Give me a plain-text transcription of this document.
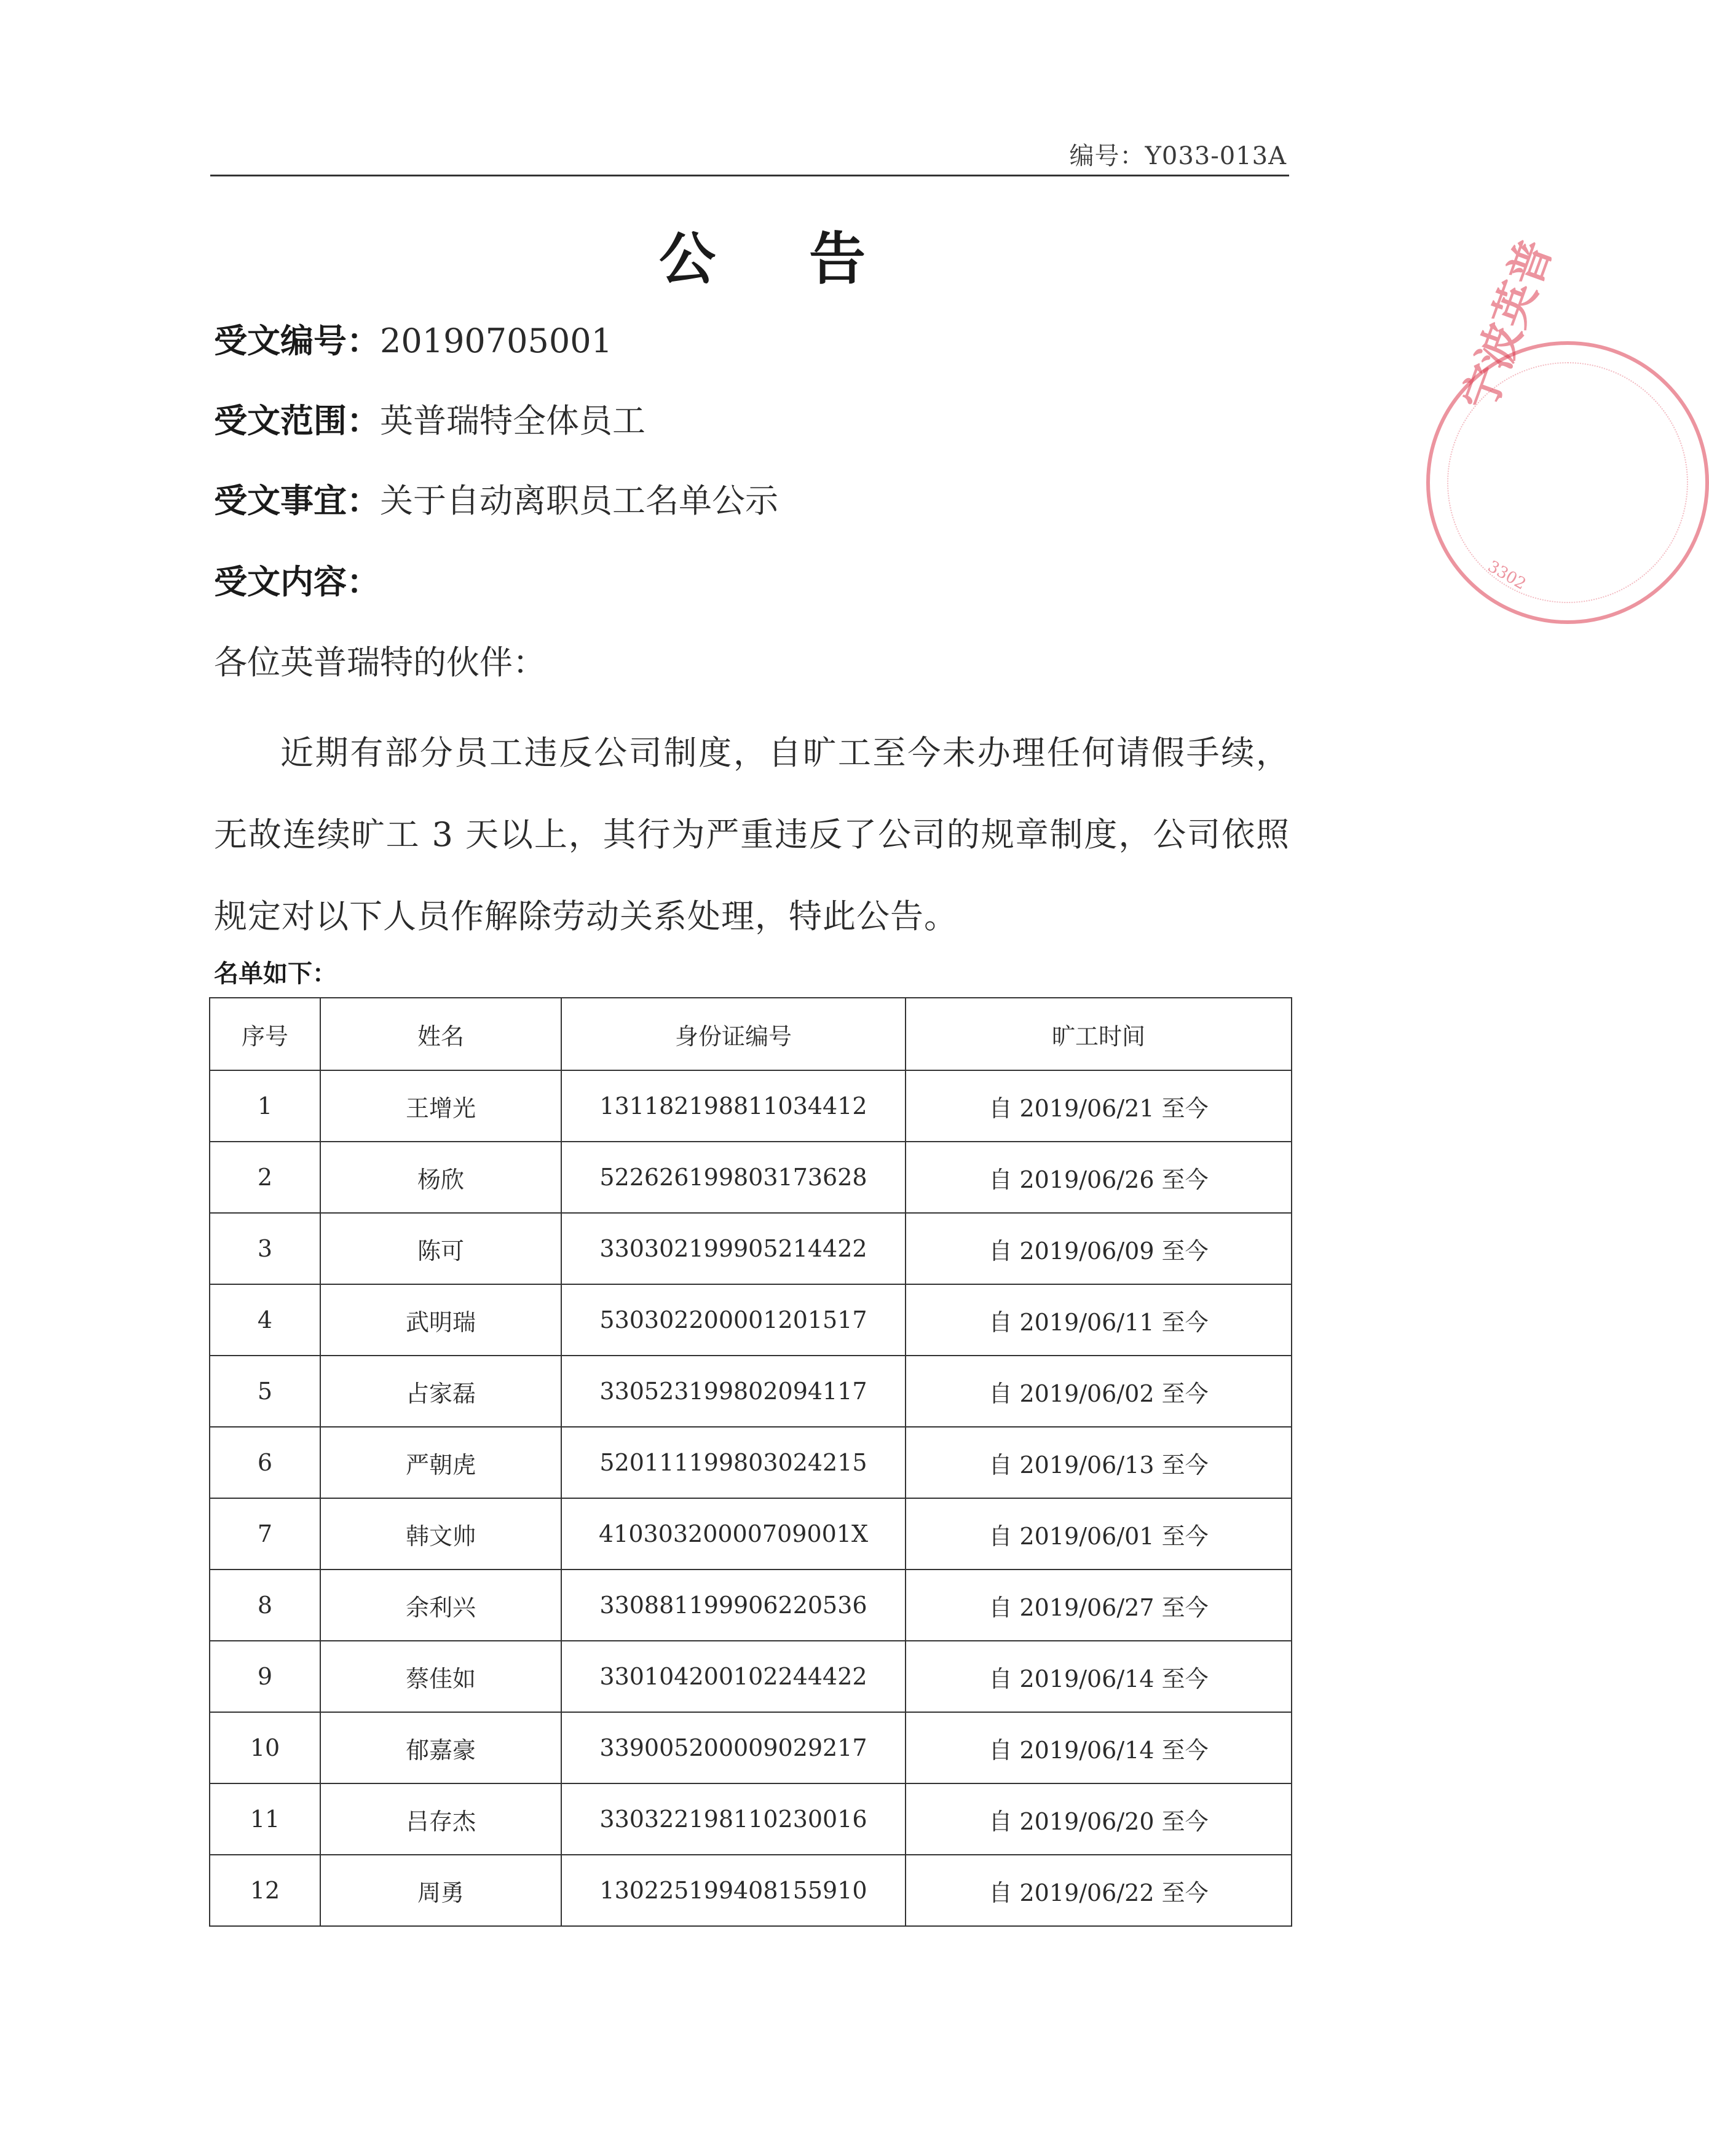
编号：Y033-013A
公 告
受文编号：20190705001
受文范围：英普瑞特全体员工
受文事宜：关于自动离职员工名单公示
受文内容：
各位英普瑞特的伙伴：
近期有部分员工违反公司制度，自旷工至今未办理任何请假手续，无故连续旷工 3 天以上，其行为严重违反了公司的规章制度，公司依照规定对以下人员作解除劳动关系处理，特此公告。
名单如下：
序号	姓名	身份证编号	旷工时间
1	王增光	131182198811034412	自 2019/06/21 至今
2	杨欣	522626199803173628	自 2019/06/26 至今
3	陈可	330302199905214422	自 2019/06/09 至今
4	武明瑞	530302200001201517	自 2019/06/11 至今
5	占家磊	330523199802094117	自 2019/06/02 至今
6	严朝虎	520111199803024215	自 2019/06/13 至今
7	韩文帅	41030320000709001X	自 2019/06/01 至今
8	余利兴	330881199906220536	自 2019/06/27 至今
9	蔡佳如	330104200102244422	自 2019/06/14 至今
10	郁嘉豪	339005200009029217	自 2019/06/14 至今
11	吕存杰	330322198110230016	自 2019/06/20 至今
12	周勇	130225199408155910	自 2019/06/22 至今
宁波英普
3302
